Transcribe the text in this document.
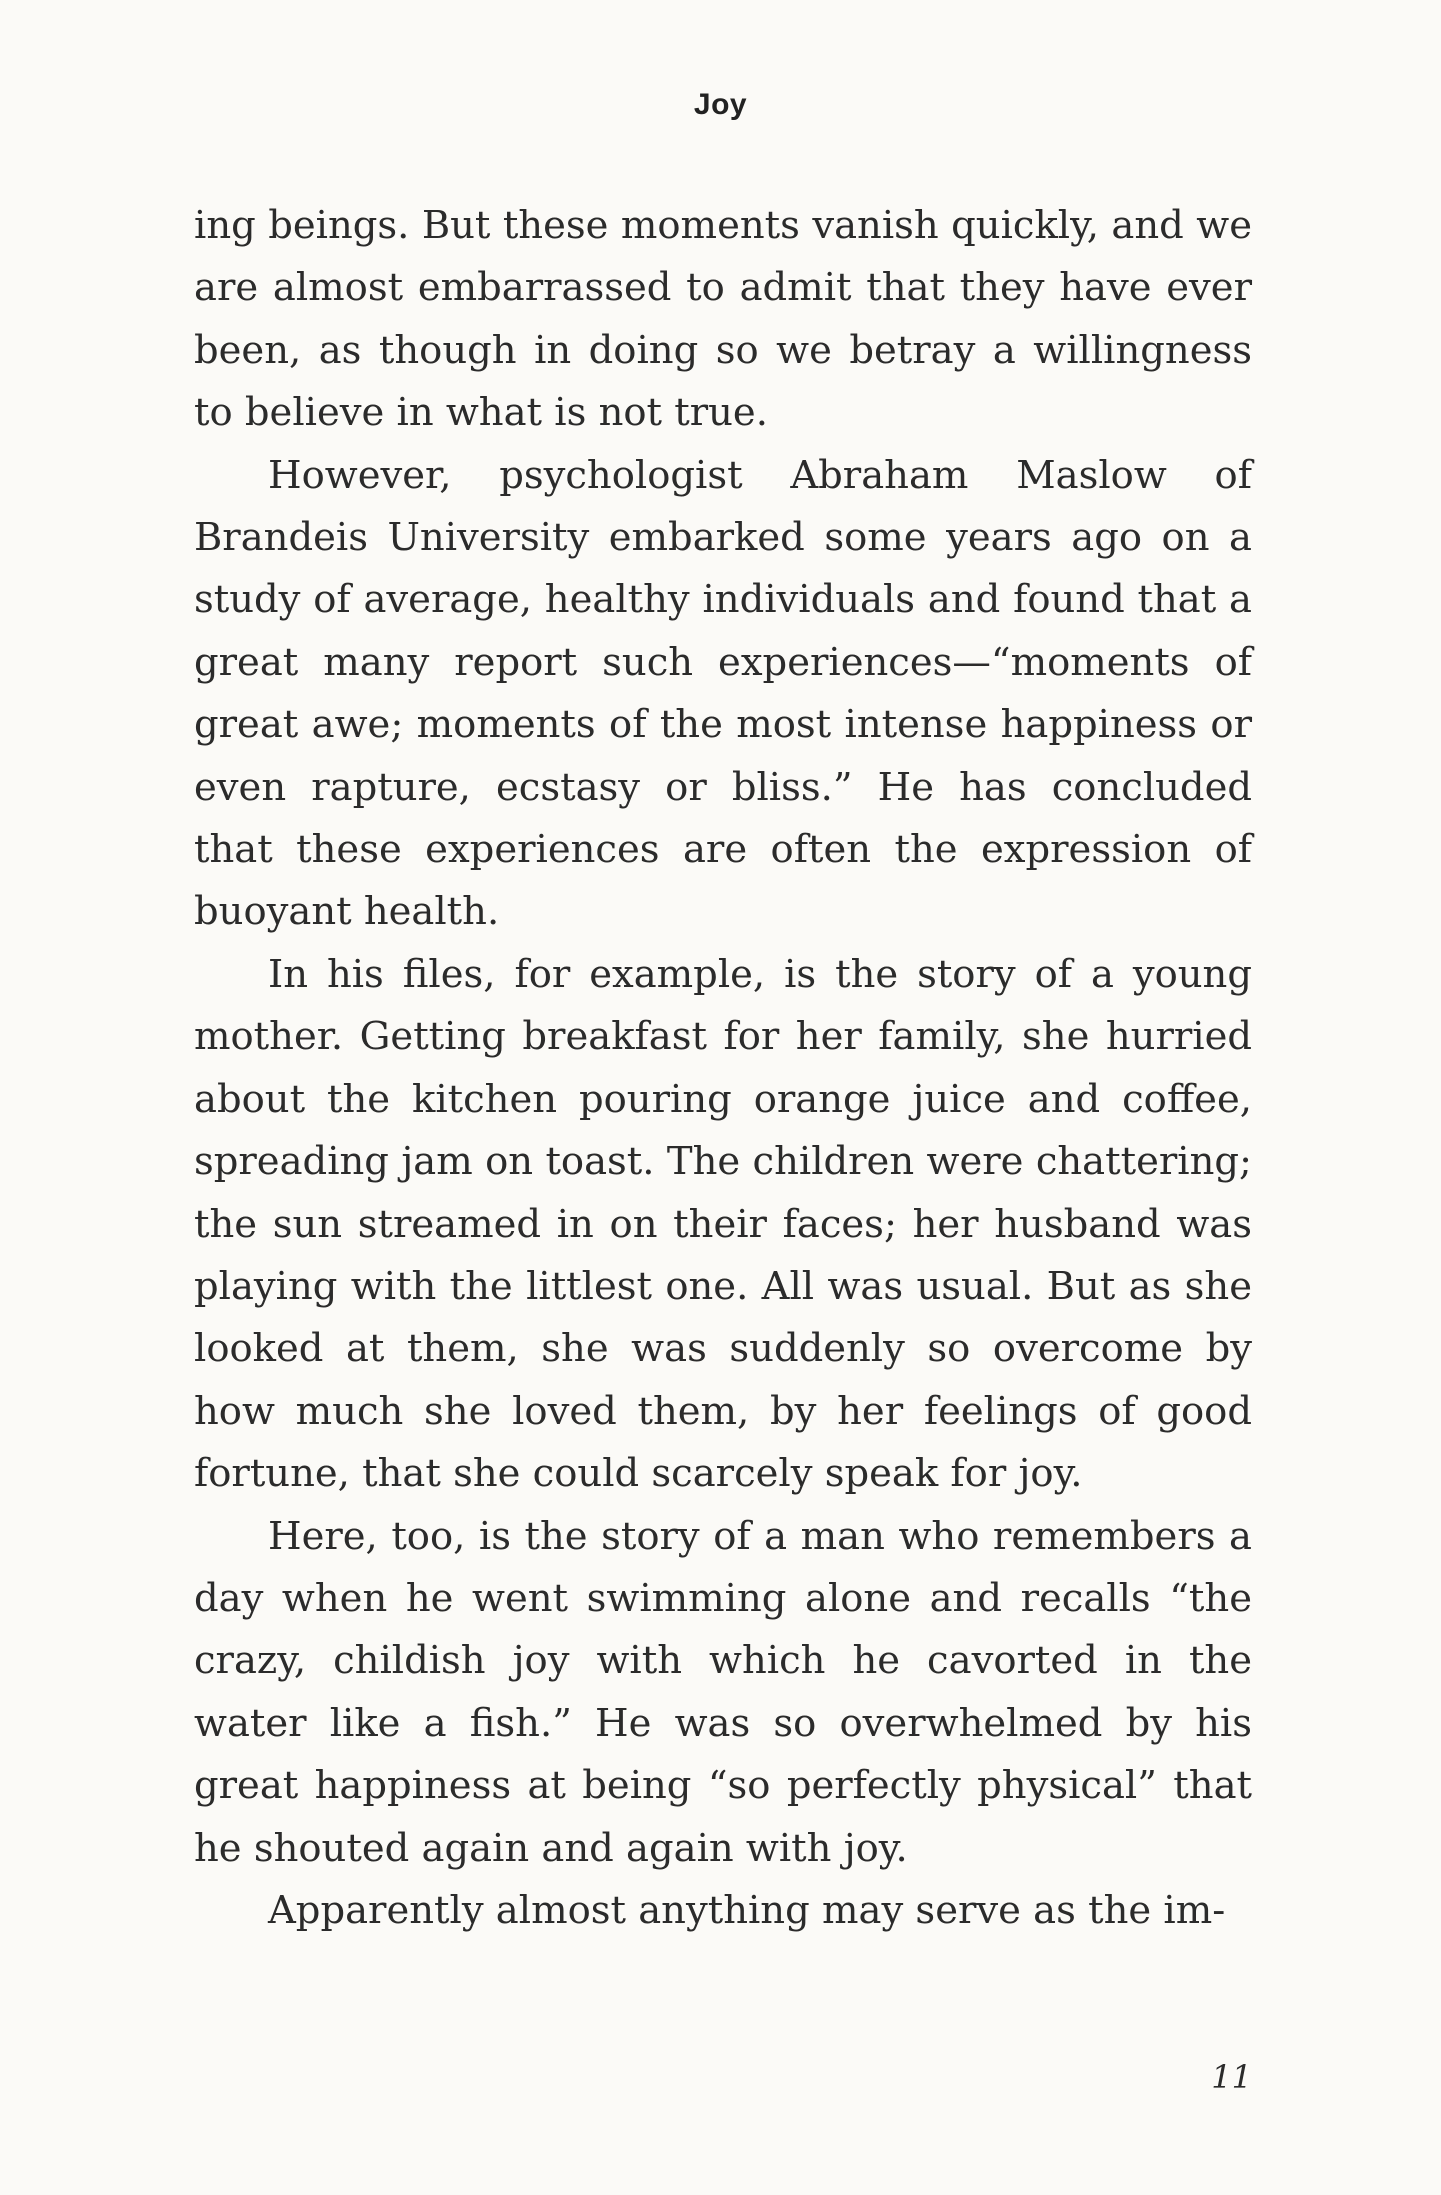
Joy

ing beings. But these moments vanish quickly, and we are almost embarrassed to admit that they have ever been, as though in doing so we betray a willingness to believe in what is not true.

However, psychologist Abraham Maslow of Brandeis University embarked some years ago on a study of average, healthy individuals and found that a great many report such experiences—“moments of great awe; moments of the most intense happiness or even rapture, ecstasy or bliss.” He has concluded that these experiences are often the expression of buoyant health.

In his files, for example, is the story of a young mother. Getting breakfast for her family, she hurried about the kitchen pouring orange juice and coffee, spreading jam on toast. The children were chattering; the sun streamed in on their faces; her husband was playing with the littlest one. All was usual. But as she looked at them, she was suddenly so overcome by how much she loved them, by her feelings of good fortune, that she could scarcely speak for joy.

Here, too, is the story of a man who remembers a day when he went swimming alone and recalls “the crazy, childish joy with which he cavorted in the water like a fish.” He was so overwhelmed by his great happiness at being “so perfectly physical” that he shouted again and again with joy.

Apparently almost anything may serve as the im-

11
